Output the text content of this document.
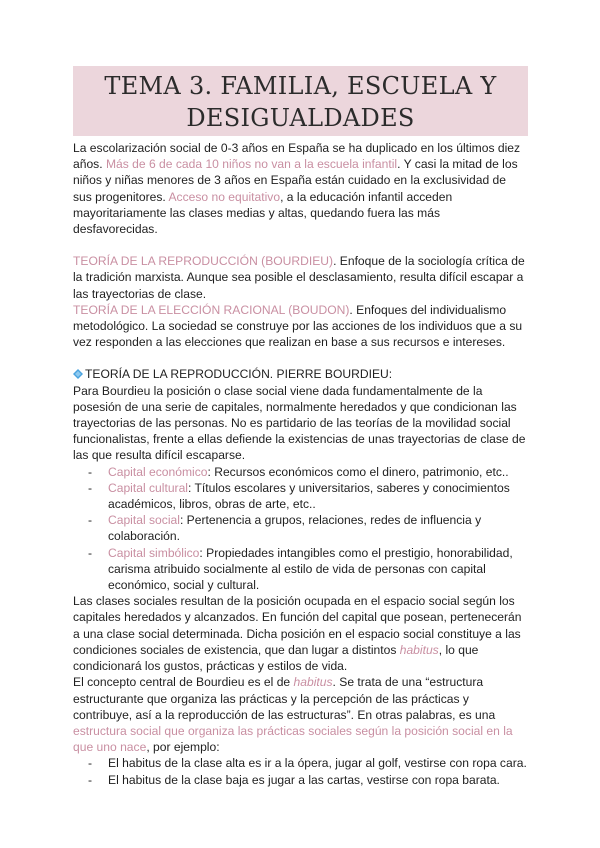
TEMA 3. FAMILIA, ESCUELA Y DESIGUALDADES

La escolarización social de 0-3 años en España se ha duplicado en los últimos diez años. Más de 6 de cada 10 niños no van a la escuela infantil. Y casi la mitad de los niños y niñas menores de 3 años en España están cuidado en la exclusividad de sus progenitores. Acceso no equitativo, a la educación infantil acceden mayoritariamente las clases medias y altas, quedando fuera las más desfavorecidas.

TEORÍA DE LA REPRODUCCIÓN (BOURDIEU). Enfoque de la sociología crítica de la tradición marxista. Aunque sea posible el desclasamiento, resulta difícil escapar a las trayectorias de clase.

TEORÍA DE LA ELECCIÓN RACIONAL (BOUDON). Enfoques del individualismo metodológico. La sociedad se construye por las acciones de los individuos que a su vez responden a las elecciones que realizan en base a sus recursos e intereses.

TEORÍA DE LA REPRODUCCIÓN. PIERRE BOURDIEU:

Para Bourdieu la posición o clase social viene dada fundamentalmente de la posesión de una serie de capitales, normalmente heredados y que condicionan las trayectorias de las personas. No es partidario de las teorías de la movilidad social funcionalistas, frente a ellas defiende la existencias de unas trayectorias de clase de las que resulta difícil escaparse.

- Capital económico: Recursos económicos como el dinero, patrimonio, etc..
- Capital cultural: Títulos escolares y universitarios, saberes y conocimientos académicos, libros, obras de arte, etc..
- Capital social: Pertenencia a grupos, relaciones, redes de influencia y colaboración.
- Capital simbólico: Propiedades intangibles como el prestigio, honorabilidad, carisma atribuido socialmente al estilo de vida de personas con capital económico, social y cultural.

Las clases sociales resultan de la posición ocupada en el espacio social según los capitales heredados y alcanzados. En función del capital que posean, pertenecerán a una clase social determinada. Dicha posición en el espacio social constituye a las condiciones sociales de existencia, que dan lugar a distintos habitus, lo que condicionará los gustos, prácticas y estilos de vida.

El concepto central de Bourdieu es el de habitus. Se trata de una “estructura estructurante que organiza las prácticas y la percepción de las prácticas y contribuye, así a la reproducción de las estructuras”. En otras palabras, es una estructura social que organiza las prácticas sociales según la posición social en la que uno nace, por ejemplo:

- El habitus de la clase alta es ir a la ópera, jugar al golf, vestirse con ropa cara.
- El habitus de la clase baja es jugar a las cartas, vestirse con ropa barata.
